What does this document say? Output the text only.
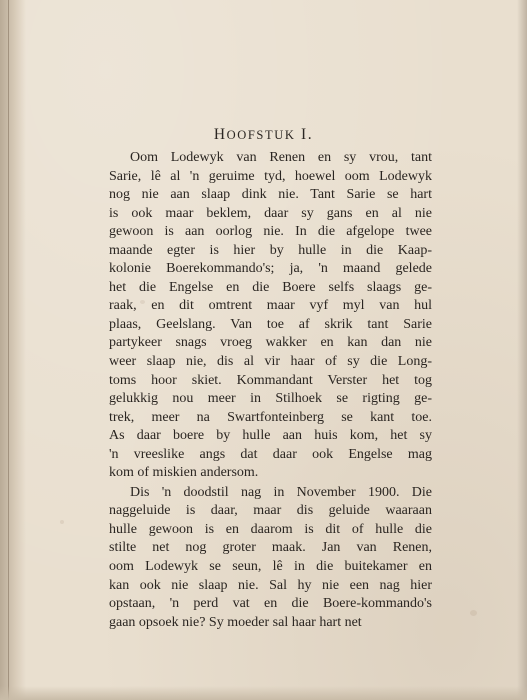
HOOFSTUK I.
Oom Lodewyk van Renen en sy vrou, tant
Sarie, lê al 'n geruime tyd, hoewel oom Lodewyk
nog nie aan slaap dink nie. Tant Sarie se hart
is ook maar beklem, daar sy gans en al nie
gewoon is aan oorlog nie. In die afgelope twee
maande egter is hier by hulle in die Kaap-
kolonie Boerekommando's; ja, 'n maand gelede
het die Engelse en die Boere selfs slaags ge-
raak, en dit omtrent maar vyf myl van hul
plaas, Geelslang. Van toe af skrik tant Sarie
partykeer snags vroeg wakker en kan dan nie
weer slaap nie, dis al vir haar of sy die Long-
toms hoor skiet. Kommandant Verster het tog
gelukkig nou meer in Stilhoek se rigting ge-
trek, meer na Swartfonteinberg se kant toe.
As daar boere by hulle aan huis kom, het sy
'n vreeslike angs dat daar ook Engelse mag
kom of miskien andersom.
Dis 'n doodstil nag in November 1900. Die
naggeluide is daar, maar dis geluide waaraan
hulle gewoon is en daarom is dit of hulle die
stilte net nog groter maak. Jan van Renen,
oom Lodewyk se seun, lê in die buitekamer en
kan ook nie slaap nie. Sal hy nie een nag hier
opstaan, 'n perd vat en die Boere-kommando's
gaan opsoek nie? Sy moeder sal haar hart net
